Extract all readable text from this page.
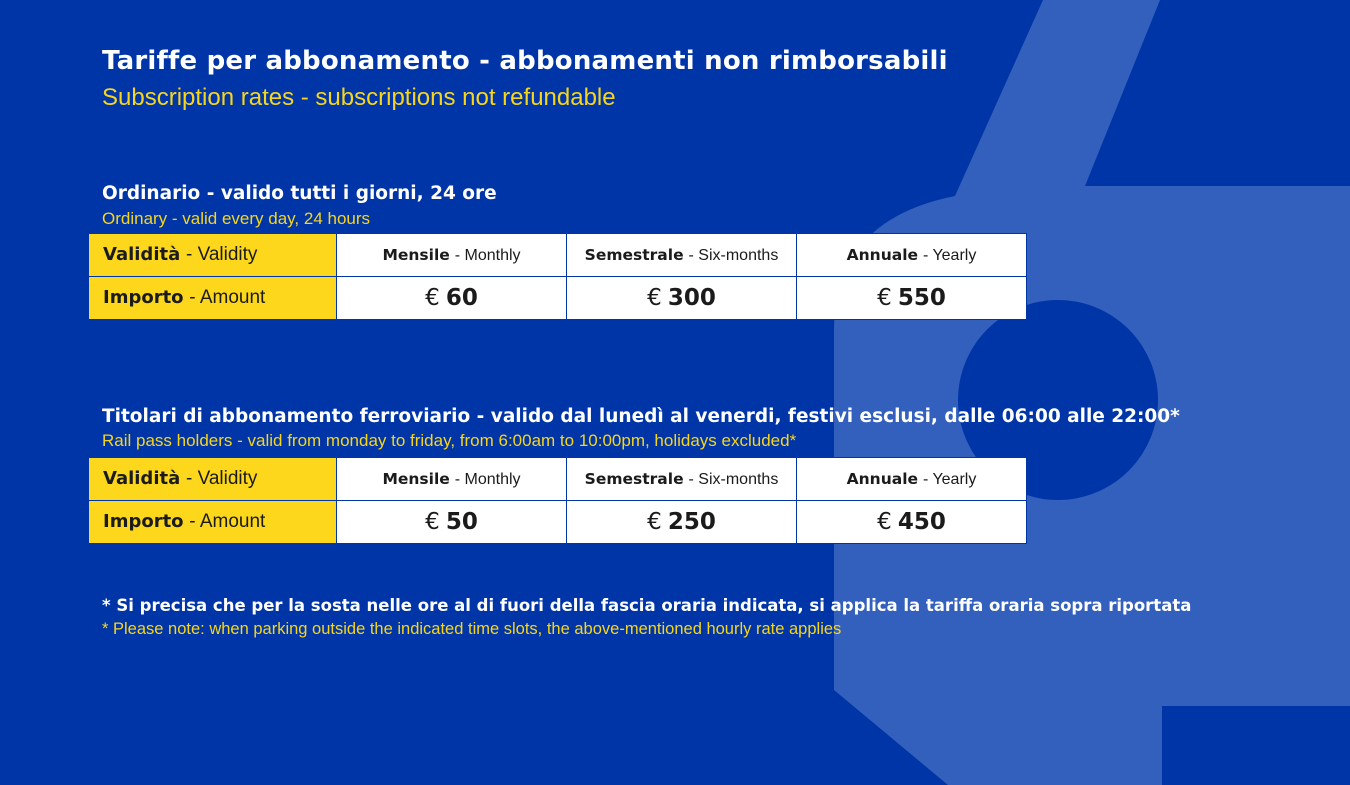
Tariffe per abbonamento - abbonamenti non rimborsabili
Subscription rates - subscriptions not refundable
Ordinario - valido tutti i giorni, 24 ore
Ordinary - valid every day, 24 hours
Validità - Validity	Mensile - Monthly	Semestrale - Six-months	Annuale - Yearly
Importo - Amount	€ 60	€ 300	€ 550
Titolari di abbonamento ferroviario - valido dal lunedì al venerdi, festivi esclusi, dalle 06:00 alle 22:00*
Rail pass holders - valid from monday to friday, from 6:00am to 10:00pm, holidays excluded*
Validità - Validity	Mensile - Monthly	Semestrale - Six-months	Annuale - Yearly
Importo - Amount	€ 50	€ 250	€ 450
* Si precisa che per la sosta nelle ore al di fuori della fascia oraria indicata, si applica la tariffa oraria sopra riportata
* Please note: when parking outside the indicated time slots, the above-mentioned hourly rate applies
